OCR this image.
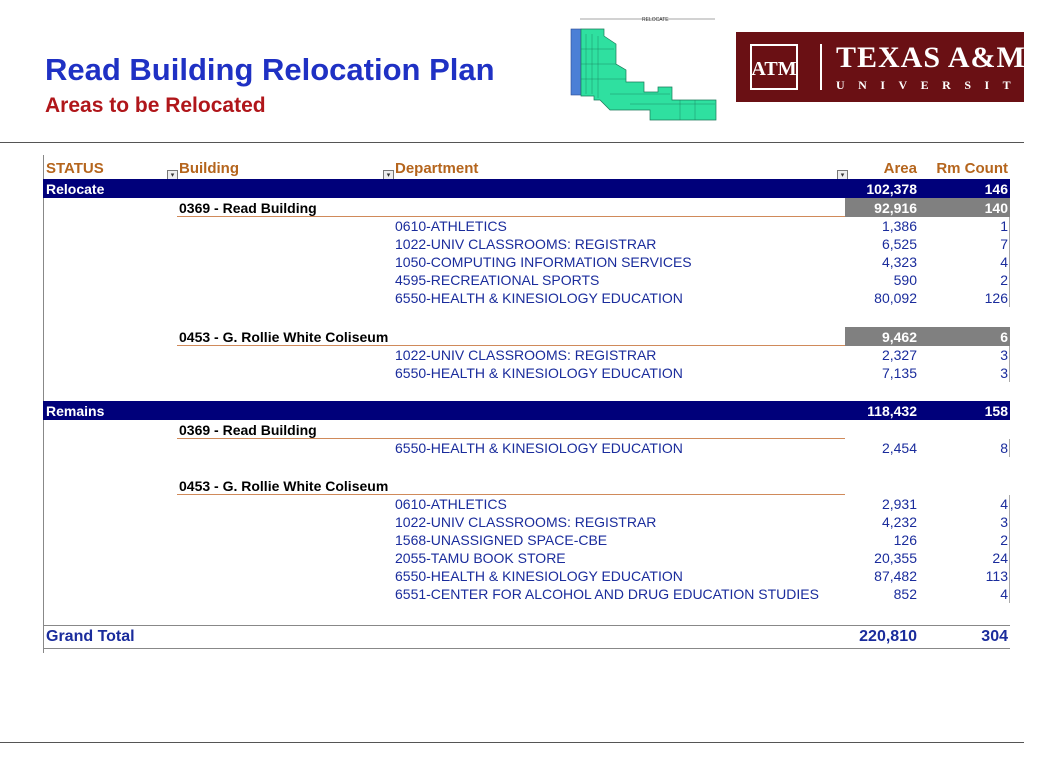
Read Building Relocation Plan
Areas to be Relocated
RELOCATE
ATM TEXAS A&M
UNIVERSITY
STATUS	▾ Building	▾ Department	▾	Area	Rm Count
Relocate	102,378	146
0369 - Read Building	92,916	140
0610-ATHLETICS	1,386	1
1022-UNIV CLASSROOMS: REGISTRAR	6,525	7
1050-COMPUTING INFORMATION SERVICES	4,323	4
4595-RECREATIONAL SPORTS	590	2
6550-HEALTH & KINESIOLOGY EDUCATION	80,092	126
0453 - G. Rollie White Coliseum	9,462	6
1022-UNIV CLASSROOMS: REGISTRAR	2,327	3
6550-HEALTH & KINESIOLOGY EDUCATION	7,135	3
Remains	118,432	158
0369 - Read Building
6550-HEALTH & KINESIOLOGY EDUCATION	2,454	8
0453 - G. Rollie White Coliseum
0610-ATHLETICS	2,931	4
1022-UNIV CLASSROOMS: REGISTRAR	4,232	3
1568-UNASSIGNED SPACE-CBE	126	2
2055-TAMU BOOK STORE	20,355	24
6550-HEALTH & KINESIOLOGY EDUCATION	87,482	113
6551-CENTER FOR ALCOHOL AND DRUG EDUCATION STUDIES	852	4
Grand Total	220,810	304
